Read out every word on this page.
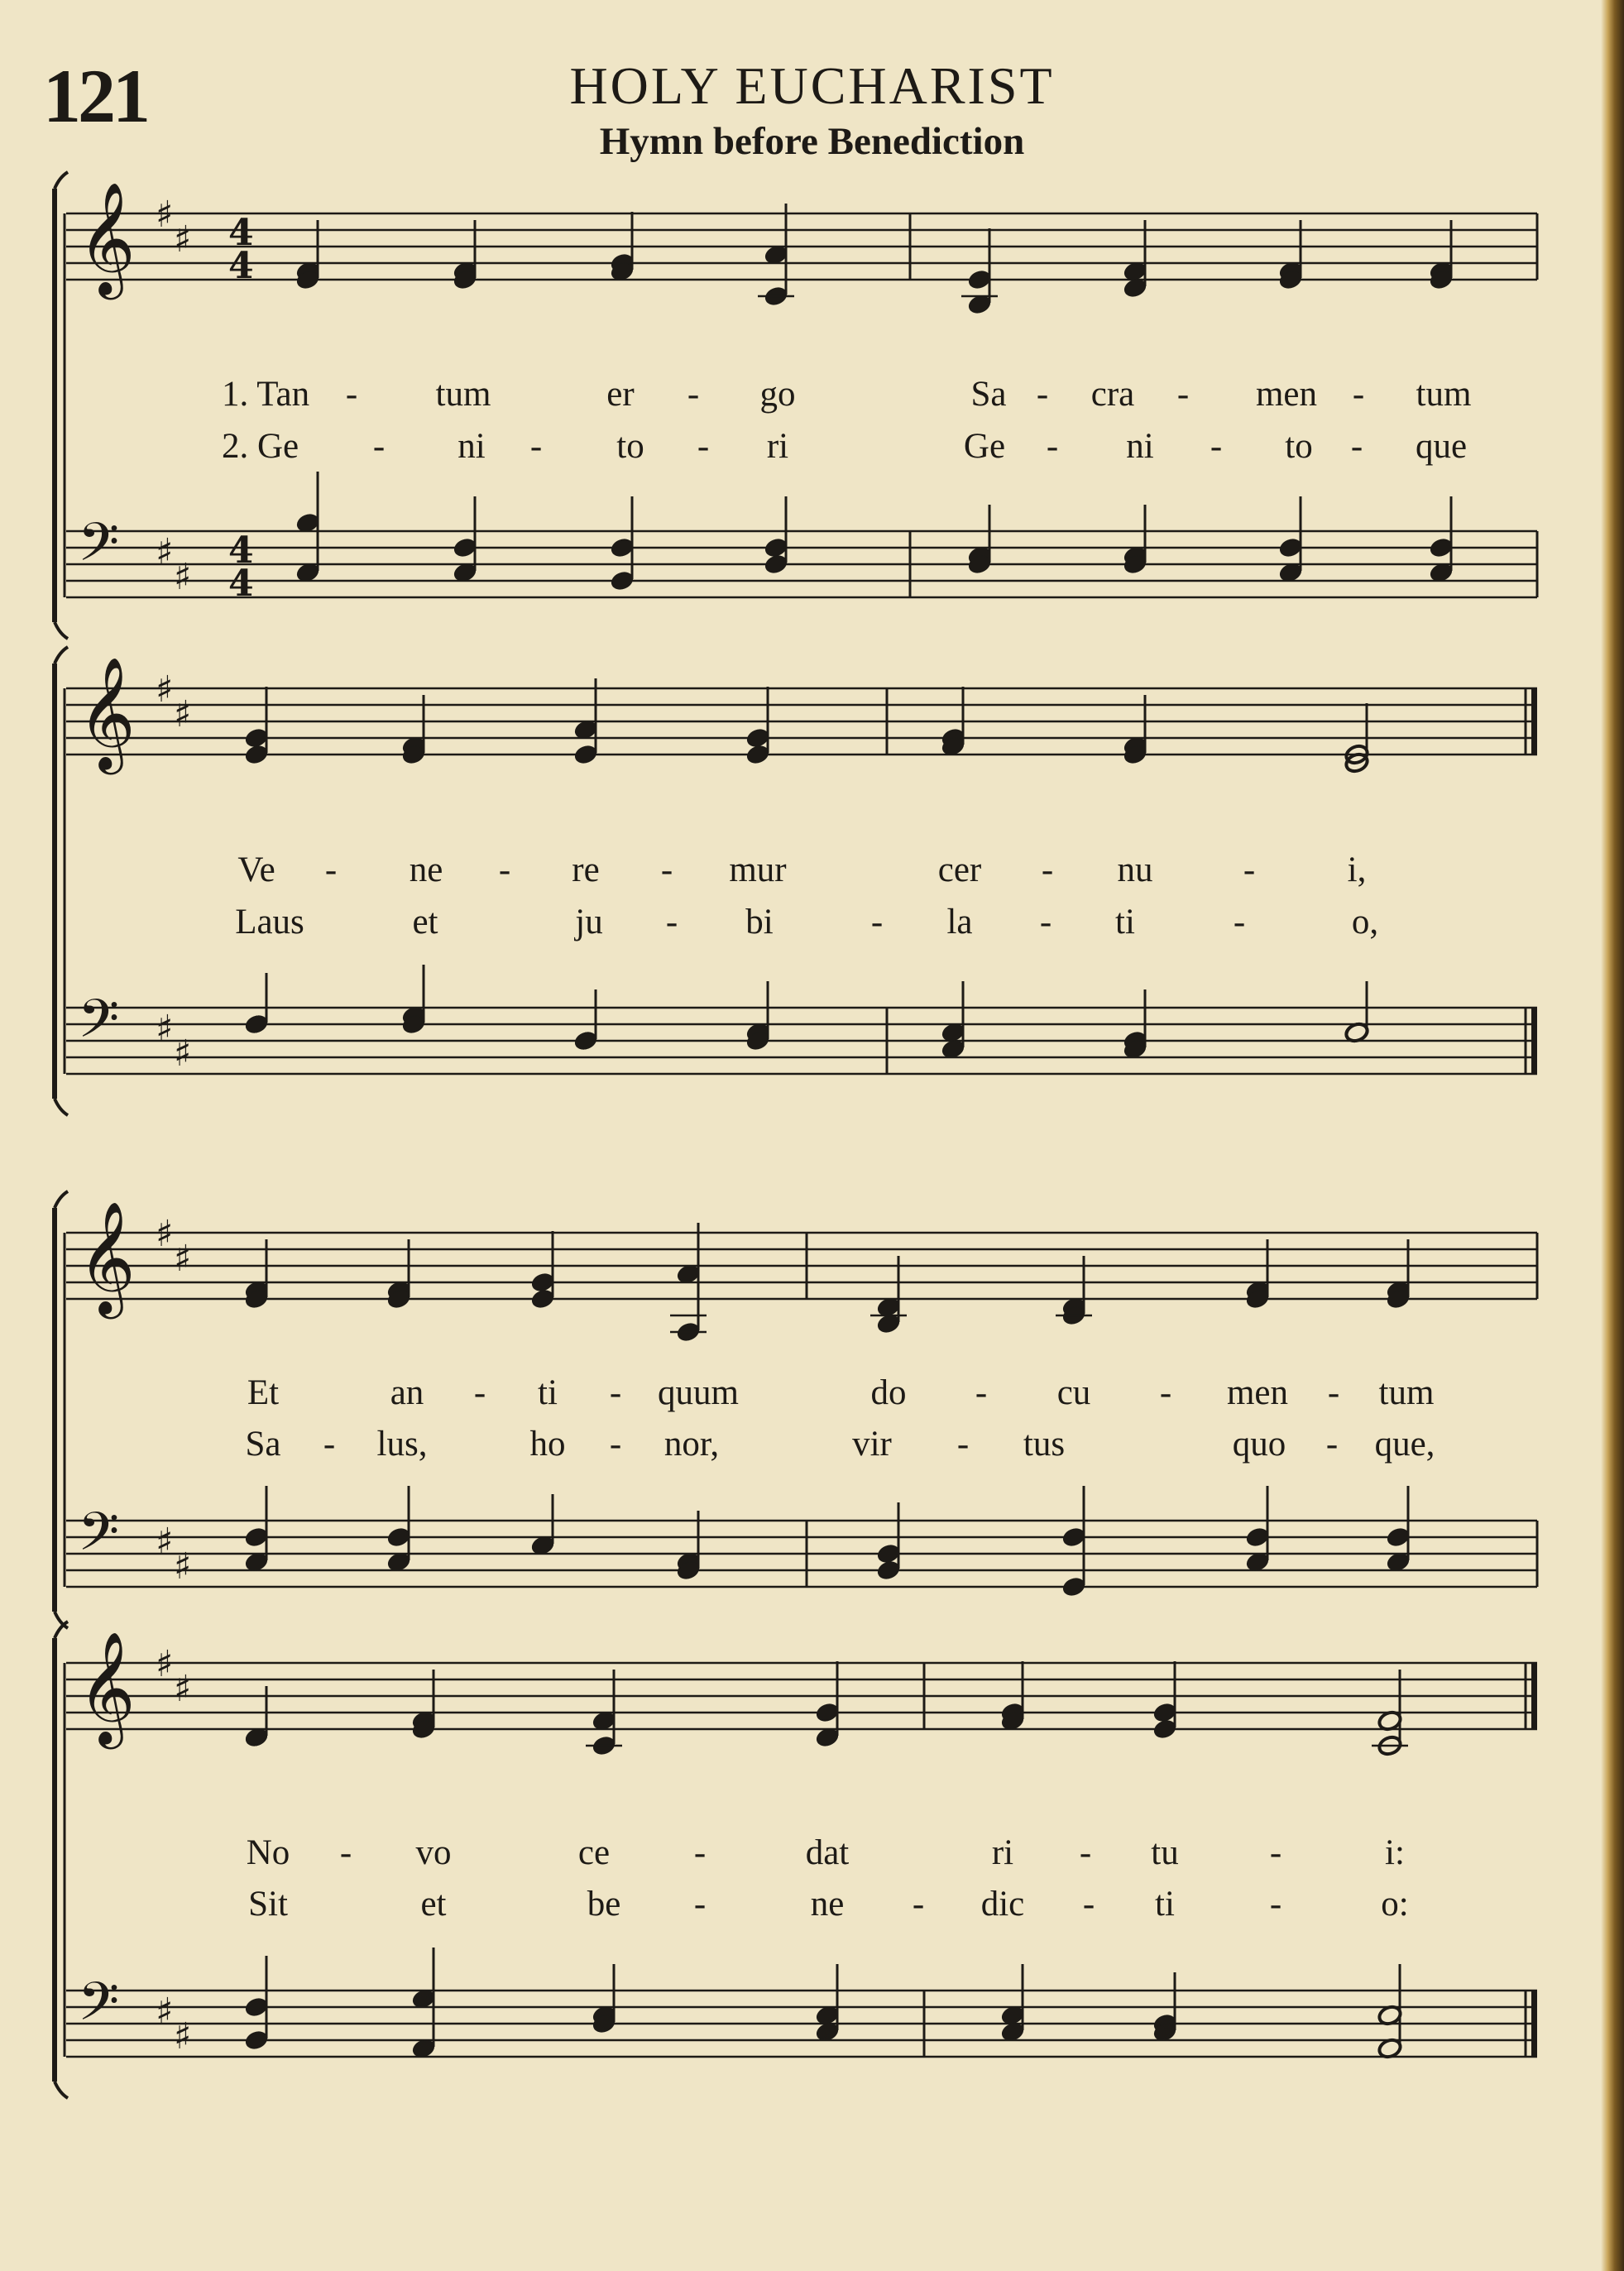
121	HOLY EUCHARIST
Hymn before Benediction
𝄞 ♯
♯ 4
4
𝄢 ♯
♯
4
4
𝄞 ♯
♯
𝄢 ♯
♯
𝄞 ♯
♯
𝄢 ♯
♯
𝄞 ♯
♯
𝄢 ♯
♯
1. Tan - tum	er - go	Sa - cra - men - tum
2. Ge - ni - to - ri	Ge - ni - to - que
Ve - ne - re - mur	cer - nu	-	i,
Laus	et	ju - bi	- la - ti	-	o,
Et	an - ti - quum	do - cu - men - tum
Sa - lus,	ho - nor,	vir - tus	quo - que,
No - vo	ce -	dat	ri - tu	-	i:
Sit	et	be -	ne - dic - ti	-	o:
